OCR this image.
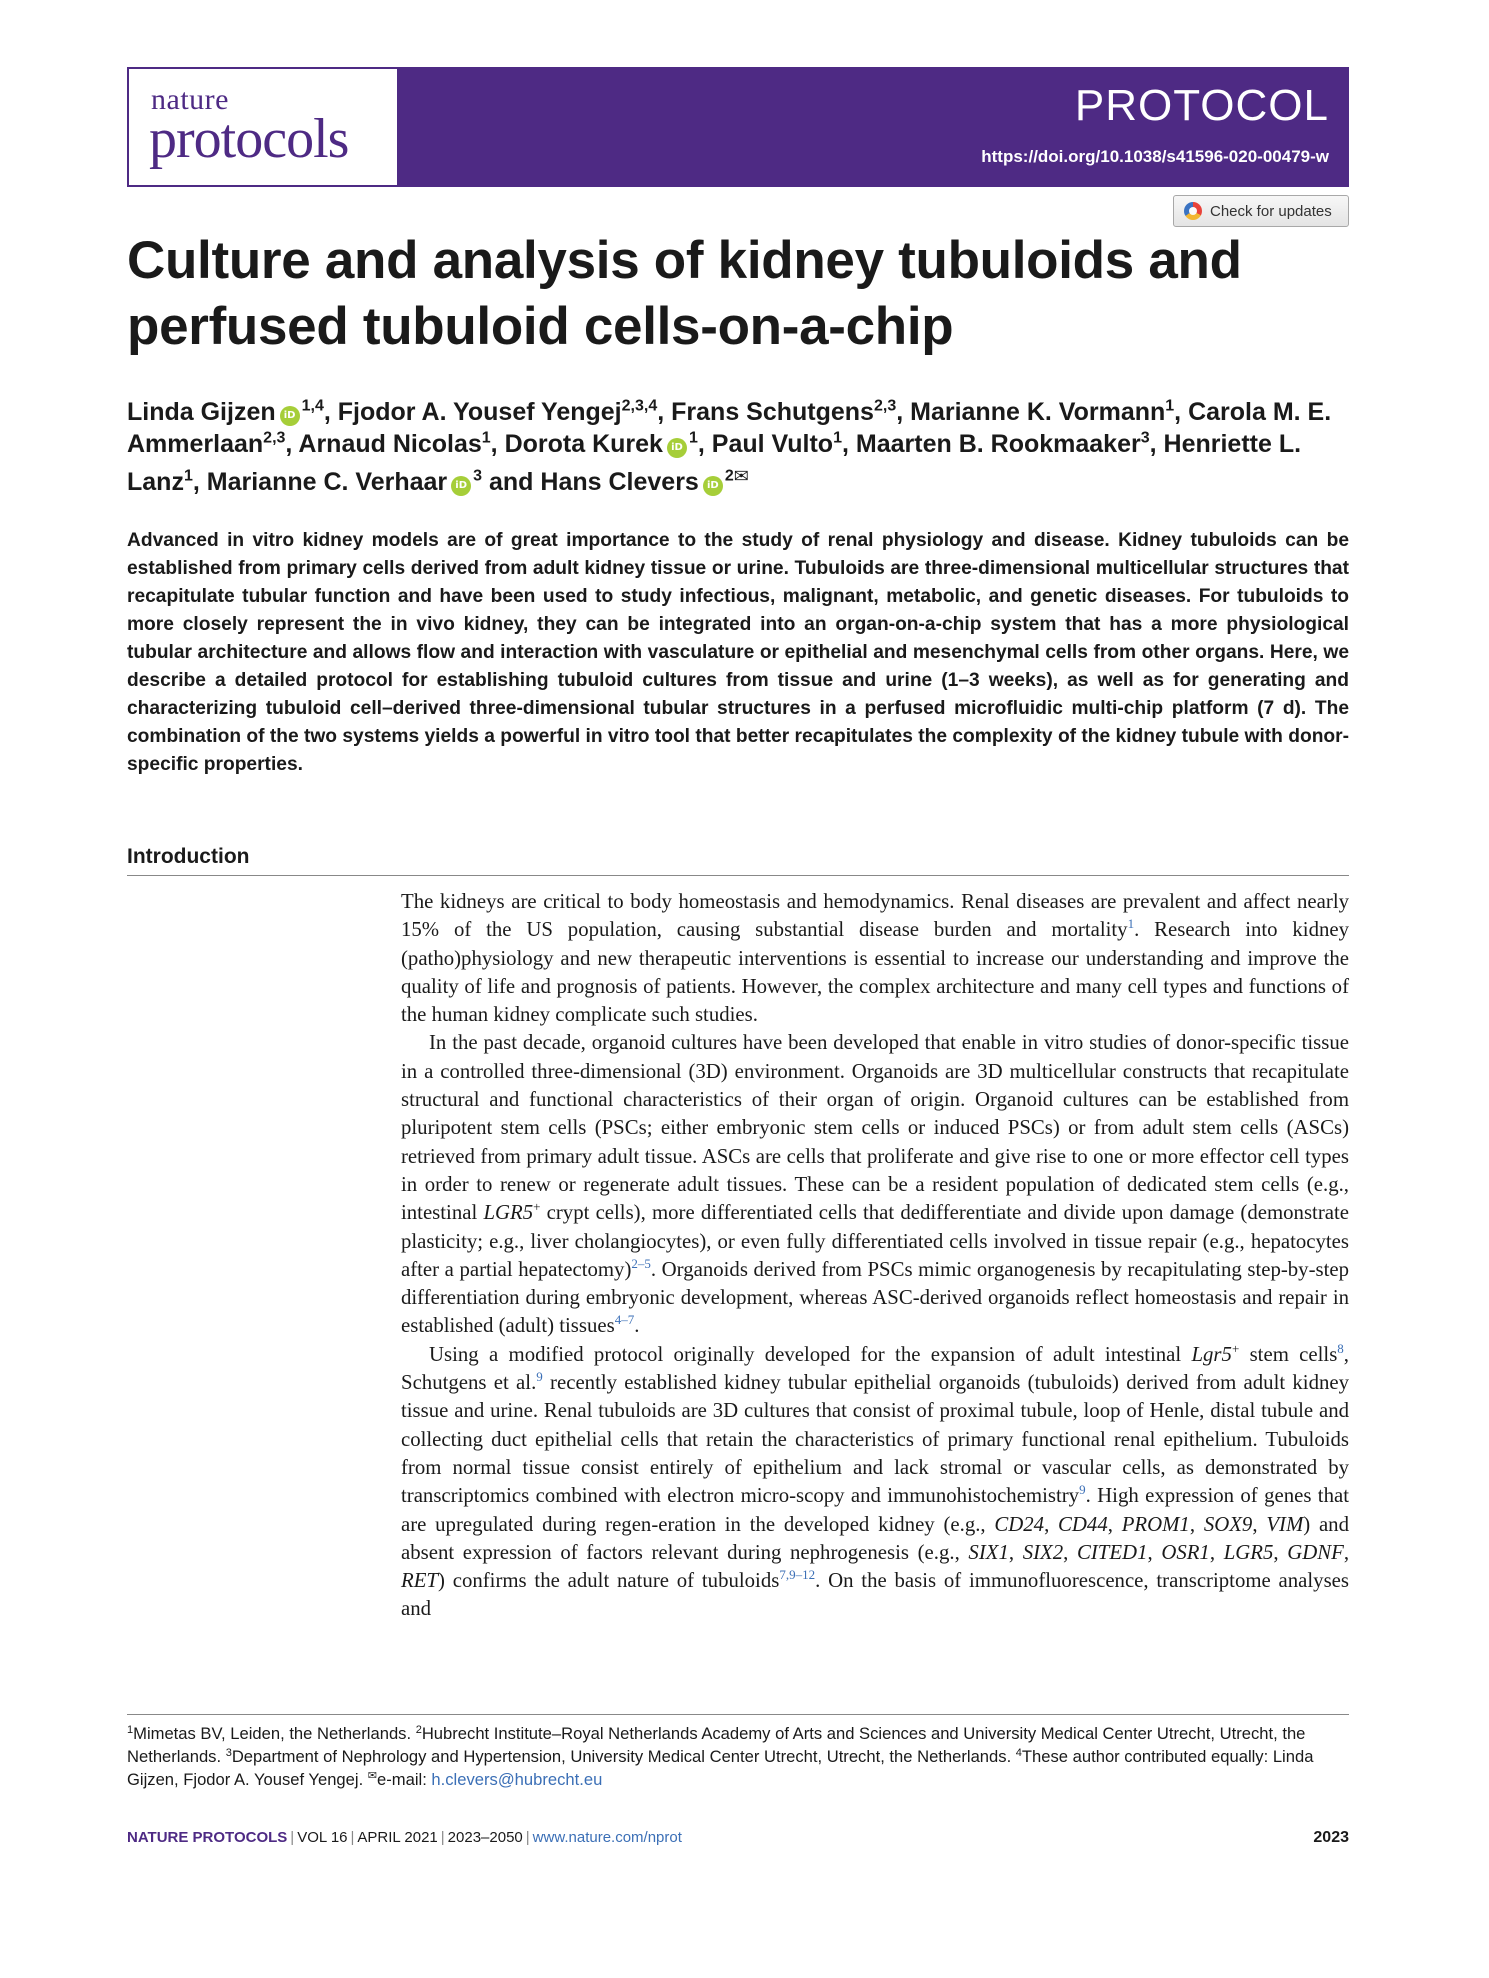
nature
protocols
PROTOCOL
https://doi.org/10.1038/s41596-020-00479-w
Check for updates
Culture and analysis of kidney tubuloids and perfused tubuloid cells-on-a-chip
Linda Gijzen iD$^{1,4}$, Fjodor A. Yousef Yengej$^{2,3,4}$, Frans Schutgens$^{2,3}$, Marianne K. Vormann$^1$, Carola M. E. Ammerlaan$^{2,3}$, Arnaud Nicolas$^1$, Dorota Kurek $iD^1$, Paul Vulto$^1$, Maarten B. Rookmaaker$^3$, Henriette L. Lanz$^1$, Marianne C. Verhaar $iD^3$ and Hans Clevers $iD^2✉$

Advanced in vitro kidney models are of great importance to the study of renal physiology and disease. Kidney tubuloids can be established from primary cells derived from adult kidney tissue or urine. Tubuloids are three-dimensional multicellular structures that recapitulate tubular function and have been used to study infectious, malignant, metabolic, and genetic diseases. For tubuloids to more closely represent the in vivo kidney, they can be integrated into an organ-on-a-chip system that has a more physiological tubular architecture and allows flow and interaction with vasculature or epithelial and mesenchymal cells from other organs. Here, we describe a detailed protocol for establishing tubuloid cultures from tissue and urine (1–3 weeks), as well as for generating and characterizing tubuloid cell–derived three-dimensional tubular structures in a perfused microfluidic multi-chip platform (7 d). The combination of the two systems yields a powerful in vitro tool that better recapitulates the complexity of the kidney tubule with donor-specific properties.

Introduction

The kidneys are critical to body homeostasis and hemodynamics. Renal diseases are prevalent and affect nearly 15% of the US population, causing substantial disease burden and mortality$^1$. Research into kidney (patho)physiology and new therapeutic interventions is essential to increase our understanding and improve the quality of life and prognosis of patients. However, the complex architecture and many cell types and functions of the human kidney complicate such studies.

In the past decade, organoid cultures have been developed that enable in vitro studies of donor-specific tissue in a controlled three-dimensional (3D) environment. Organoids are 3D multicellular constructs that recapitulate structural and functional characteristics of their organ of origin. Organoid cultures can be established from pluripotent stem cells (PSCs; either embryonic stem cells or induced PSCs) or from adult stem cells (ASCs) retrieved from primary adult tissue. ASCs are cells that proliferate and give rise to one or more effector cell types in order to renew or regenerate adult tissues. These can be a resident population of dedicated stem cells (e.g., intestinal LGR5+ crypt cells), more differentiated cells that dedifferentiate and divide upon damage (demonstrate plasticity; e.g., liver cholangiocytes), or even fully differentiated cells involved in tissue repair (e.g., hepatocytes after a partial hepatectomy)$^{2-5}$. Organoids derived from PSCs mimic organogenesis by recapitulating step-by-step differentiation during embryonic development, whereas ASC-derived organoids reflect homeostasis and repair in established (adult) tissues$^{4-7}$.

Using a modified protocol originally developed for the expansion of adult intestinal Lgr5+ stem cells$^8$, Schutgens et al.$^9$ recently established kidney tubular epithelial organoids (tubuloids) derived from adult kidney tissue and urine. Renal tubuloids are 3D cultures that consist of proximal tubule, loop of Henle, distal tubule and collecting duct epithelial cells that retain the characteristics of primary functional renal epithelium. Tubuloids from normal tissue consist entirely of epithelium and lack stromal or vascular cells, as demonstrated by transcriptomics combined with electron micro-scopy and immunohistochemistry$^9$. High expression of genes that are upregulated during regen-eration in the developed kidney (e.g., CD24, CD44, PROM1, SOX9, VIM) and absent expression of factors relevant during nephrogenesis (e.g., SIX1, SIX2, CITED1, OSR1, LGR5, GDNF, RET) confirms the adult nature of tubuloids$^{7,9-12}$. On the basis of immunofluorescence, transcriptome analyses and

$^1$Mimetas BV, Leiden, the Netherlands. $^2$Hubrecht Institute–Royal Netherlands Academy of Arts and Sciences and University Medical Center Utrecht, Utrecht, the Netherlands. $^3$Department of Nephrology and Hypertension, University Medical Center Utrecht, Utrecht, the Netherlands. $^4$These author contributed equally: Linda Gijzen, Fjodor A. Yousef Yengej. ✉e-mail: h.clevers@hubrecht.eu
NATURE PROTOCOLS | VOL 16 | APRIL 2021 | 2023–2050 | www.nature.com/nprot	2023
